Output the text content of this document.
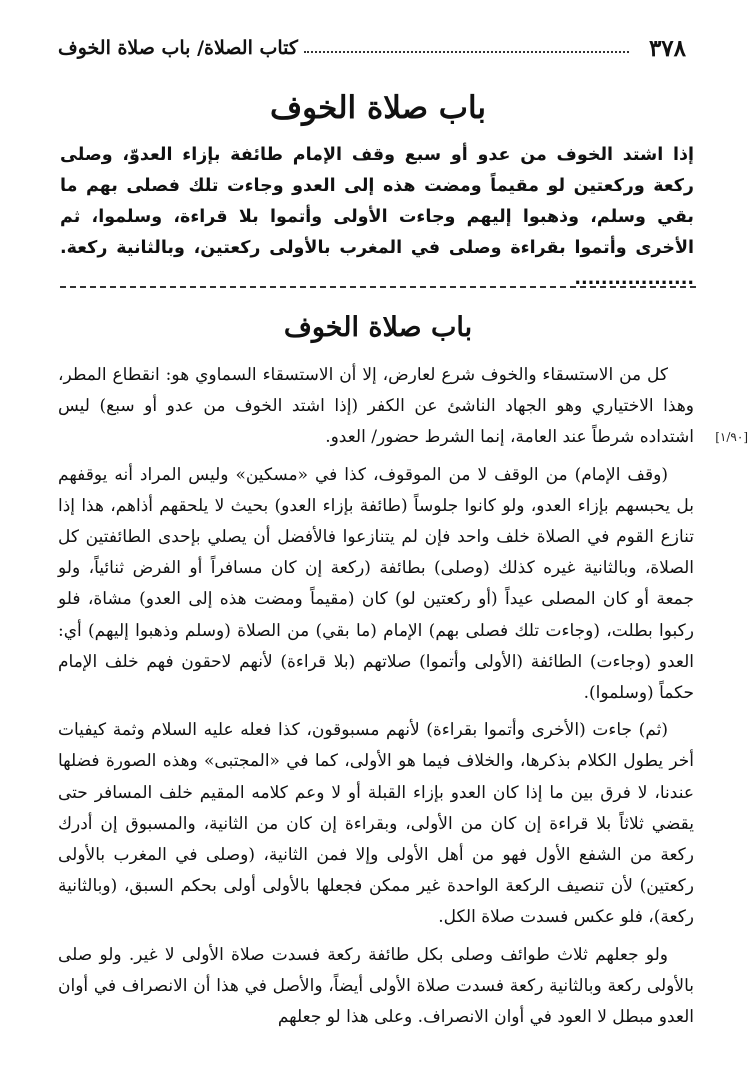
٣٧٨
كتاب الصلاة/ باب صلاة الخوف
باب صلاة الخوف

إذا اشتد الخوف من عدو أو سبع وقف الإمام طائفة بإزاء العدوّ، وصلى ركعة وركعتين لو مقيماً ومضت هذه إلى العدو وجاءت تلك فصلى بهم ما بقي وسلم، وذهبوا إليهم وجاءت الأولى وأتموا بلا قراءة، وسلموا، ثم الأخرى وأتموا بقراءة وصلى في المغرب بالأولى ركعتين، وبالثانية ركعة. ..................

باب صلاة الخوف
[١/٩٠]

كل من الاستسقاء والخوف شرع لعارض، إلا أن الاستسقاء السماوي هو: انقطاع المطر، وهذا الاختياري وهو الجهاد الناشئ عن الكفر (إذا اشتد الخوف من عدو أو سبع) ليس اشتداده شرطاً عند العامة، إنما الشرط حضور/ العدو.

(وقف الإمام) من الوقف لا من الموقوف، كذا في «مسكين» وليس المراد أنه يوقفهم بل يحبسهم بإزاء العدو، ولو كانوا جلوساً (طائفة بإزاء العدو) بحيث لا يلحقهم أذاهم، هذا إذا تنازع القوم في الصلاة خلف واحد فإن لم يتنازعوا فالأفضل أن يصلي بإحدى الطائفتين كل الصلاة، وبالثانية غيره كذلك (وصلى) بطائفة (ركعة إن كان مسافراً أو الفرض ثنائياً، ولو جمعة أو كان المصلى عيداً (أو ركعتين لو) كان (مقيماً ومضت هذه إلى العدو) مشاة، فلو ركبوا بطلت، (وجاءت تلك فصلى بهم) الإمام (ما بقي) من الصلاة (وسلم وذهبوا إليهم) أي: العدو (وجاءت) الطائفة (الأولى وأتموا) صلاتهم (بلا قراءة) لأنهم لاحقون فهم خلف الإمام حكماً (وسلموا).

(ثم) جاءت (الأخرى وأتموا بقراءة) لأنهم مسبوقون، كذا فعله عليه السلام وثمة كيفيات أخر يطول الكلام بذكرها، والخلاف فيما هو الأولى، كما في «المجتبى» وهذه الصورة فضلها عندنا، لا فرق بين ما إذا كان العدو بإزاء القبلة أو لا وعم كلامه المقيم خلف المسافر حتى يقضي ثلاثاً بلا قراءة إن كان من الأولى، وبقراءة إن كان من الثانية، والمسبوق إن أدرك ركعة من الشفع الأول فهو من أهل الأولى وإلا فمن الثانية، (وصلى في المغرب بالأولى ركعتين) لأن تنصيف الركعة الواحدة غير ممكن فجعلها بالأولى أولى بحكم السبق، (وبالثانية ركعة)، فلو عكس فسدت صلاة الكل.

ولو جعلهم ثلاث طوائف وصلى بكل طائفة ركعة فسدت صلاة الأولى لا غير. ولو صلى بالأولى ركعة وبالثانية ركعة فسدت صلاة الأولى أيضاً، والأصل في هذا أن الانصراف في أوان العدو مبطل لا العود في أوان الانصراف. وعلى هذا لو جعلهم
